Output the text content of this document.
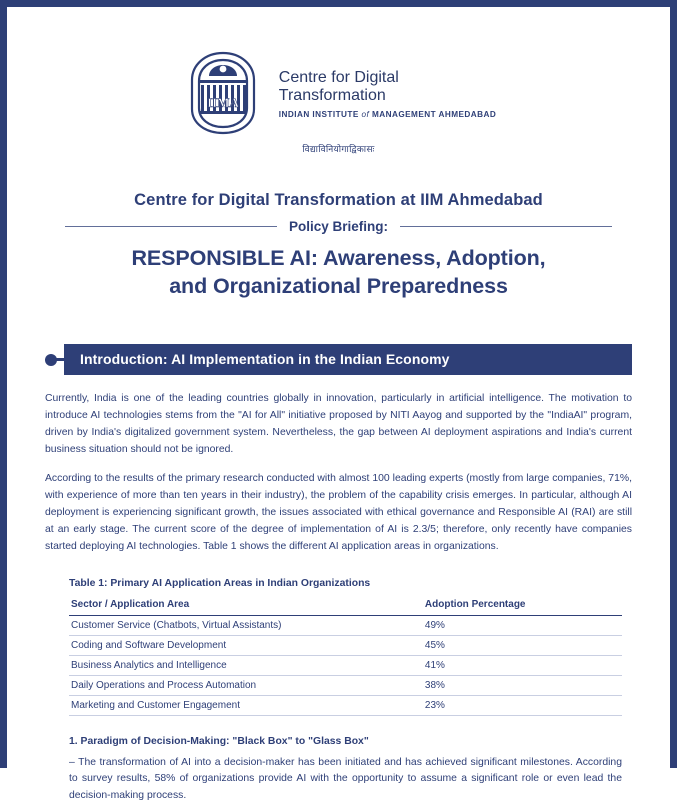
IIMA
Centre for Digital
Transformation
INDIAN INSTITUTE of MANAGEMENT AHMEDABAD
विद्याविनियोगाद्विकासः
Centre for Digital Transformation at IIM Ahmedabad
Policy Briefing:
RESPONSIBLE AI: Awareness, Adoption,
and Organizational Preparedness
Introduction: AI Implementation in the Indian Economy

Currently, India is one of the leading countries globally in innovation, particularly in artificial intelligence. The motivation to introduce AI technologies stems from the "AI for All" initiative proposed by NITI Aayog and supported by the "IndiaAI" program, driven by India's digitalized government system. Nevertheless, the gap between AI deployment aspirations and India's current business situation should not be ignored.

According to the results of the primary research conducted with almost 100 leading experts (mostly from large companies, 71%, with experience of more than ten years in their industry), the problem of the capability crisis emerges. In particular, although AI deployment is experiencing significant growth, the issues associated with ethical governance and Responsible AI (RAI) are still at an early stage. The current score of the degree of implementation of AI is 2.3/5; therefore, only recently have companies started deploying AI technologies. Table 1 shows the different AI application areas in organizations.

Table 1: Primary AI Application Areas in Indian Organizations
Sector / Application Area	Adoption Percentage
Customer Service (Chatbots, Virtual Assistants)	49%
Coding and Software Development	45%
Business Analytics and Intelligence	41%
Daily Operations and Process Automation	38%
Marketing and Customer Engagement	23%
1. Paradigm of Decision-Making: "Black Box" to "Glass Box"

– The transformation of AI into a decision-maker has been initiated and has achieved significant milestones. According to survey results, 58% of organizations provide AI with the opportunity to assume a significant role or even lead the decision-making process.
